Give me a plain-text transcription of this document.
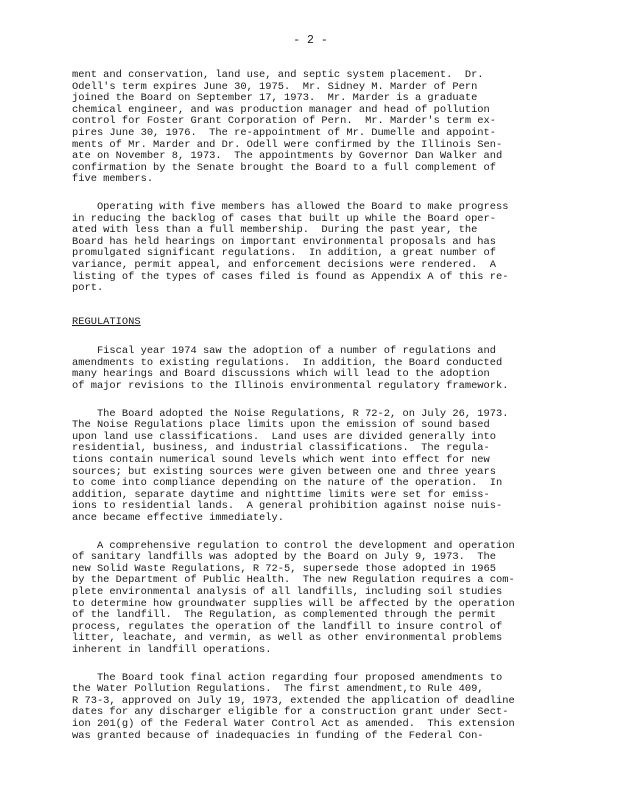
- 2 -
ment and conservation, land use, and septic system placement.  Dr.
Odell's term expires June 30, 1975.  Mr. Sidney M. Marder of Pern
joined the Board on September 17, 1973.  Mr. Marder is a graduate
chemical engineer, and was production manager and head of pollution
control for Foster Grant Corporation of Pern.  Mr. Marder's term ex-
pires June 30, 1976.  The re-appointment of Mr. Dumelle and appoint-
ments of Mr. Marder and Dr. Odell were confirmed by the Illinois Sen-
ate on November 8, 1973.  The appointments by Governor Dan Walker and
confirmation by the Senate brought the Board to a full complement of
five members.
Operating with five members has allowed the Board to make progress
in reducing the backlog of cases that built up while the Board oper-
ated with less than a full membership.  During the past year, the
Board has held hearings on important environmental proposals and has
promulgated significant regulations.  In addition, a great number of
variance, permit appeal, and enforcement decisions were rendered.  A
listing of the types of cases filed is found as Appendix A of this re-
port.
REGULATIONS
Fiscal year 1974 saw the adoption of a number of regulations and
amendments to existing regulations.  In addition, the Board conducted
many hearings and Board discussions which will lead to the adoption
of major revisions to the Illinois environmental regulatory framework.
The Board adopted the Noise Regulations, R 72-2, on July 26, 1973.
The Noise Regulations place limits upon the emission of sound based
upon land use classifications.  Land uses are divided generally into
residential, business, and industrial classifications.  The regula-
tions contain numerical sound levels which went into effect for new
sources; but existing sources were given between one and three years
to come into compliance depending on the nature of the operation.  In
addition, separate daytime and nighttime limits were set for emiss-
ions to residential lands.  A general prohibition against noise nuis-
ance became effective immediately.
A comprehensive regulation to control the development and operation
of sanitary landfills was adopted by the Board on July 9, 1973.  The
new Solid Waste Regulations, R 72-5, supersede those adopted in 1965
by the Department of Public Health.  The new Regulation requires a com-
plete environmental analysis of all landfills, including soil studies
to determine how groundwater supplies will be affected by the operation
of the landfill.  The Regulation, as complemented through the permit
process, regulates the operation of the landfill to insure control of
litter, leachate, and vermin, as well as other environmental problems
inherent in landfill operations.
The Board took final action regarding four proposed amendments to
the Water Pollution Regulations.  The first amendment,to Rule 409,
R 73-3, approved on July 19, 1973, extended the application of deadline
dates for any discharger eligible for a construction grant under Sect-
ion 201(g) of the Federal Water Control Act as amended.  This extension
was granted because of inadequacies in funding of the Federal Con-
